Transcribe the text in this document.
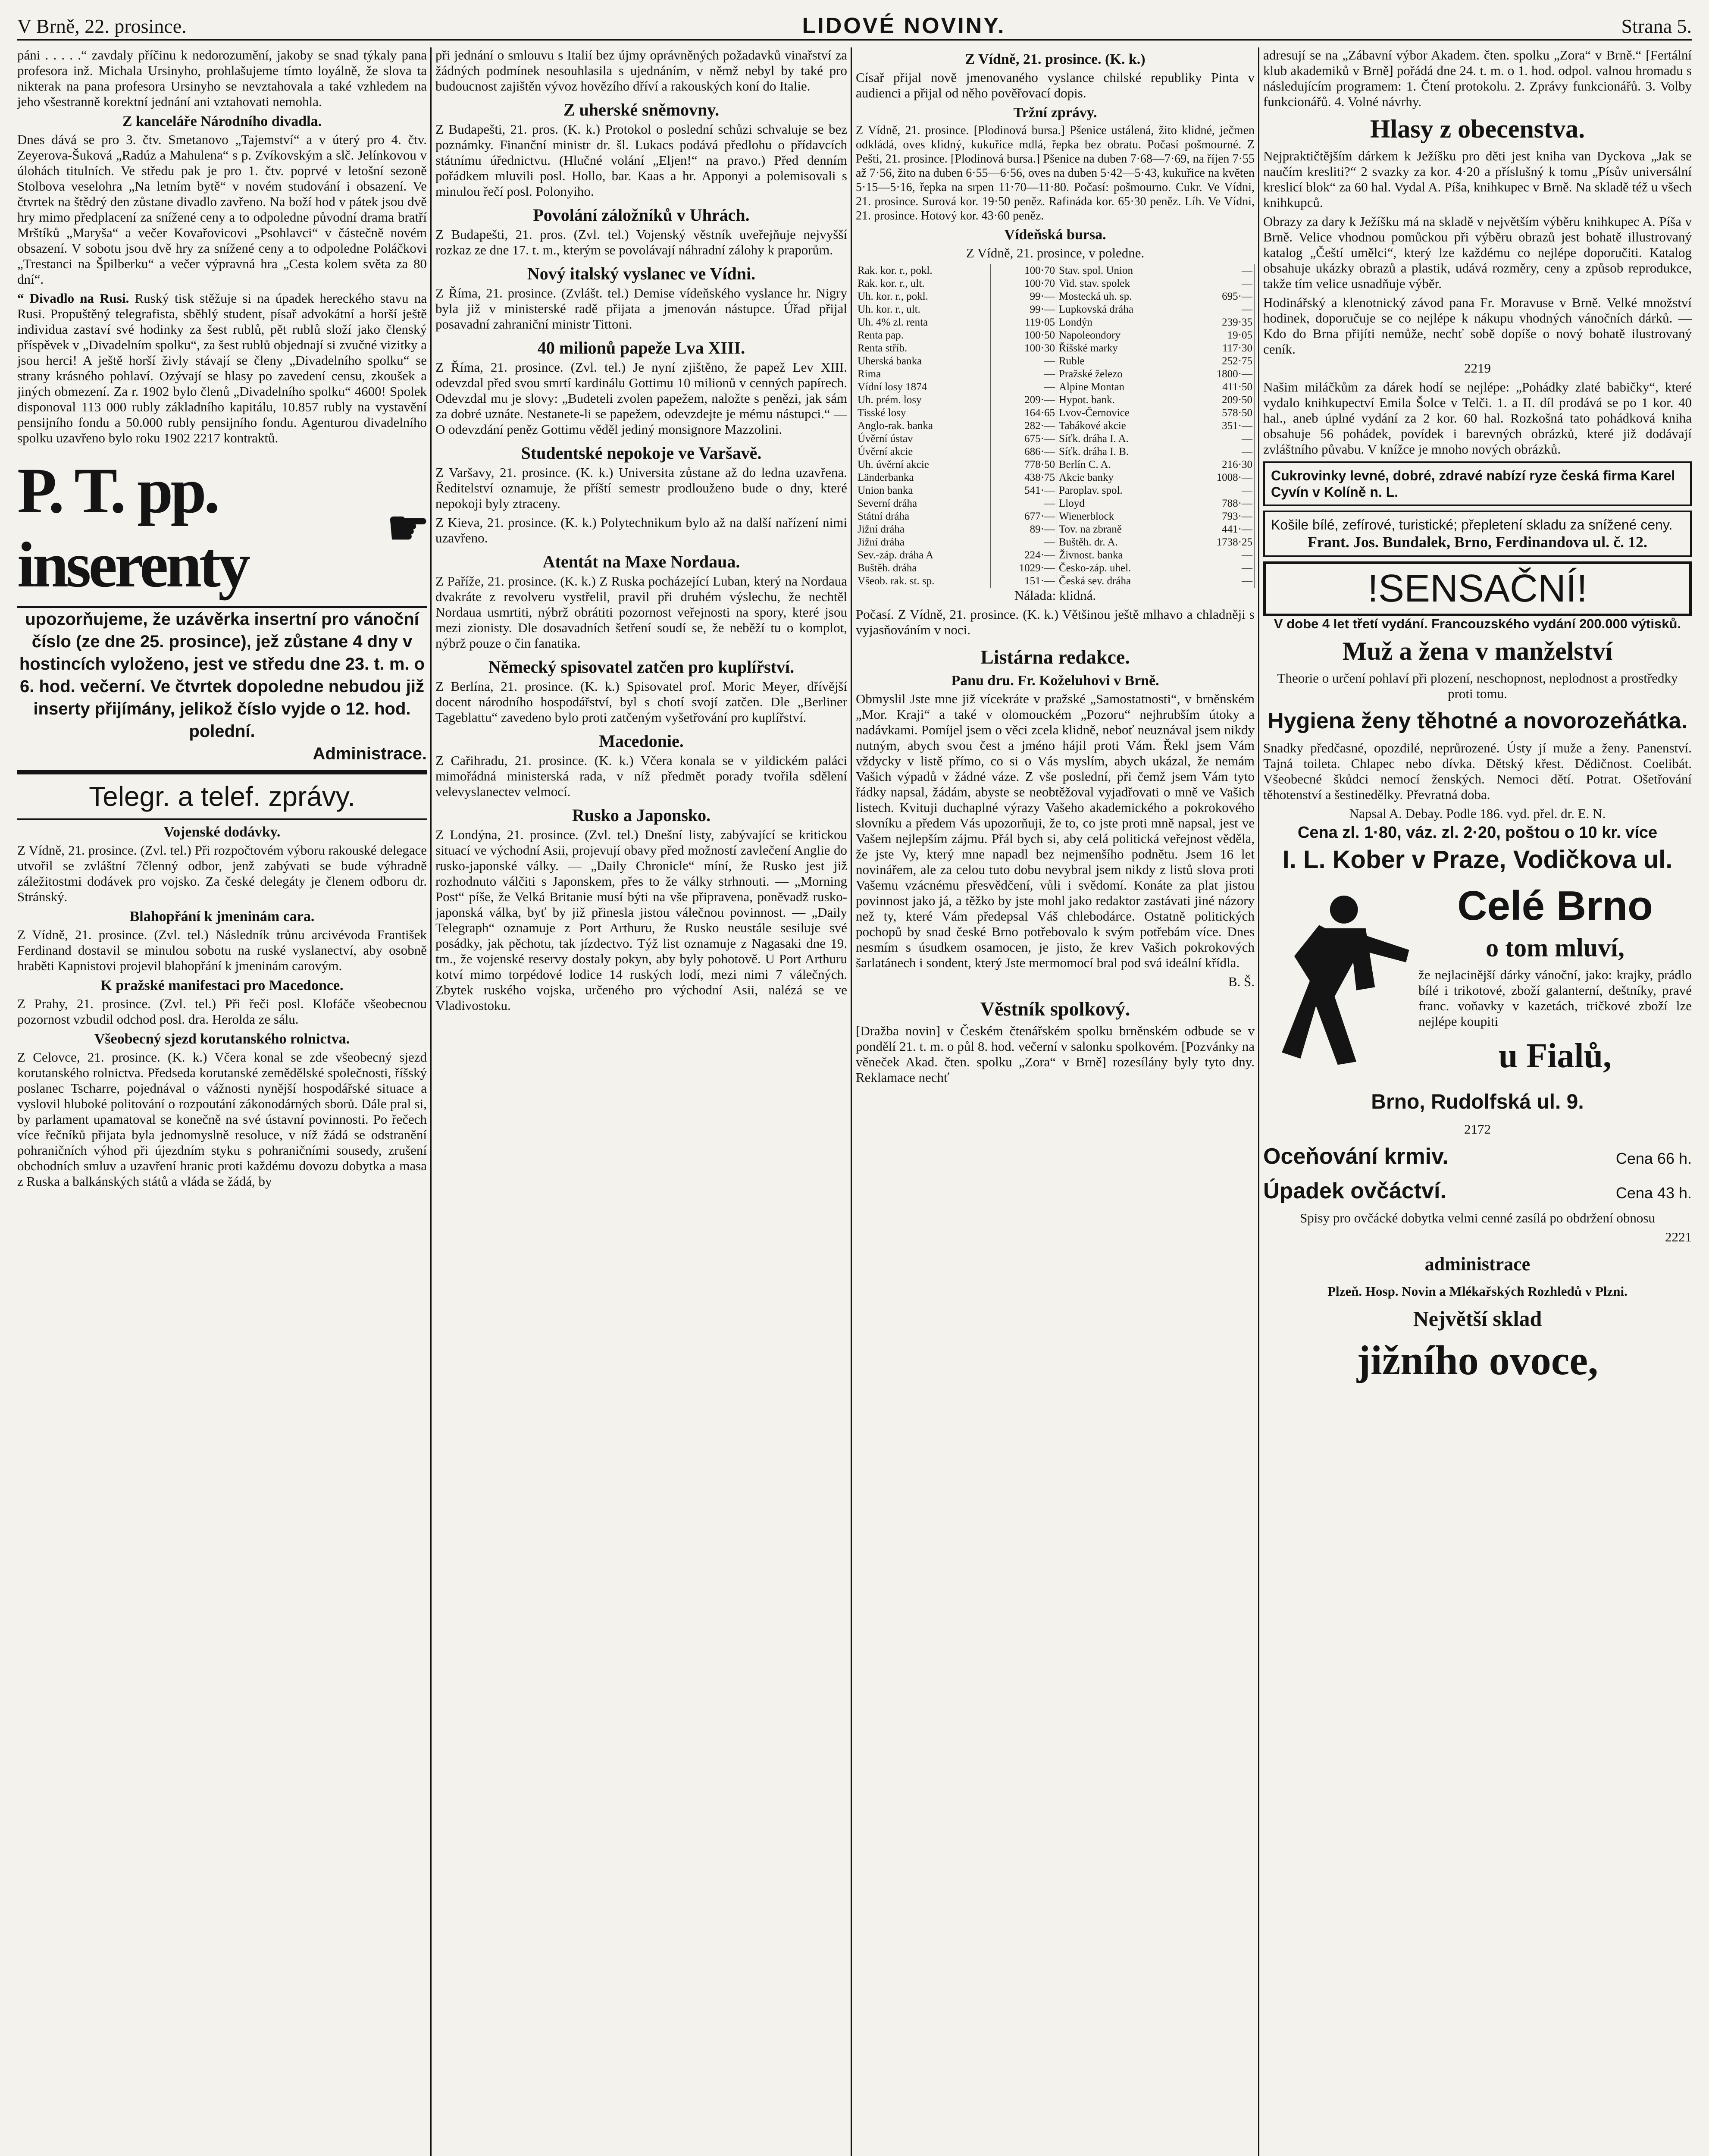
V Brně, 22. prosince.	LIDOVÉ NOVINY.	Strana 5.

páni . . . . .“ zavdaly příčinu k nedorozumění, jakoby se snad týkaly pana profesora inž. Michala Ursinyho, prohlašujeme tímto loyálně, že slova ta nikterak na pana profesora Ursinyho se nevztahovala a také vzhledem na jeho všestranně korektní jednání ani vztahovati nemohla.

Z kanceláře Národního divadla.

Dnes dává se pro 3. čtv. Smetanovo „Tajemství“ a v úterý pro 4. čtv. Zeyerova-Šuková „Radúz a Mahulena“ s p. Zvíkovským a slč. Jelínkovou v úlohách titulních. Ve středu pak je pro 1. čtv. poprvé v letošní sezoně Stolbova veselohra „Na letním bytě“ v novém studování i obsazení. Ve čtvrtek na štědrý den zůstane divadlo zavřeno. Na boží hod v pátek jsou dvě hry mimo předplacení za snížené ceny a to odpoledne původní drama bratří Mrštíků „Maryša“ a večer Kovařovicovi „Psohlavci“ v částečně novém obsazení. V sobotu jsou dvě hry za snížené ceny a to odpoledne Poláčkovi „Trestanci na Špilberku“ a večer výpravná hra „Cesta kolem světa za 80 dní“.

“ Divadlo na Rusi. Ruský tisk stěžuje si na úpadek hereckého stavu na Rusi. Propuštěný telegrafista, sběhlý student, písař advokátní a horší ještě individua zastaví své hodinky za šest rublů, pět rublů složí jako členský příspěvek v „Divadelním spolku“, za šest rublů objednají si zvučné vizitky a jsou herci! A ještě horší živly stávají se členy „Divadelního spolku“ se strany krásného pohlaví. Ozývají se hlasy po zavedení censu, zkoušek a jiných obmezení. Za r. 1902 bylo členů „Divadelního spolku“ 4600! Spolek disponoval 113 000 rubly základního kapitálu, 10.857 rubly na vystavění pensijního fondu a 50.000 rubly pensijního fondu. Agenturou divadelního spolku uzavřeno bylo roku 1902 2217 kontraktů.

P. T. pp. inserenty
☛
upozorňujeme, že uzávěrka insertní pro vánoční číslo (ze dne 25. prosince), jež zůstane 4 dny v hostincích vyloženo, jest ve středu dne 23. t. m. o 6. hod. večerní. Ve čtvrtek dopoledne nebudou již inserty přijímány, jelikož číslo vyjde o 12. hod. polední.
Administrace.
Telegr. a telef. zprávy.
Vojenské dodávky.

Z Vídně, 21. prosince. (Zvl. tel.) Při rozpočtovém výboru rakouské delegace utvořil se zvláštní 7členný odbor, jenž zabývati se bude výhradně záležitostmi dodávek pro vojsko. Za české delegáty je členem odboru dr. Stránský.

Blahopřání k jmeninám cara.

Z Vídně, 21. prosince. (Zvl. tel.) Následník trůnu arcivévoda František Ferdinand dostavil se minulou sobotu na ruské vyslanectví, aby osobně hraběti Kapnistovi projevil blahopřání k jmeninám carovým.

K pražské manifestaci pro Macedonce.

Z Prahy, 21. prosince. (Zvl. tel.) Při řeči posl. Klofáče všeobecnou pozornost vzbudil odchod posl. dra. Herolda ze sálu.

Všeobecný sjezd korutanského rolnictva.

Z Celovce, 21. prosince. (K. k.) Včera konal se zde všeobecný sjezd korutanského rolnictva. Předseda korutanské zemědělské společnosti, říšský poslanec Tscharre, pojednával o vážnosti nynější hospodářské situace a vyslovil hluboké politování o rozpoutání zákonodárných sborů. Dále pral si, by parlament upamatoval se konečně na své ústavní povinnosti. Po řečech více řečníků přijata byla jednomyslně resoluce, v níž žádá se odstranění pohraničních výhod při újezdním styku s pohraničními sousedy, zrušení obchodních smluv a uzavření hranic proti každému dovozu dobytka a masa z Ruska a balkánských států a vláda se žádá, by

při jednání o smlouvu s Italií bez újmy oprávněných požadavků vinařství za žádných podmínek nesouhlasila s ujednáním, v němž nebyl by také pro budoucnost zajištěn vývoz hovězího dříví a rakouských koní do Italie.

Z uherské sněmovny.

Z Budapešti, 21. pros. (K. k.) Protokol o poslední schůzi schvaluje se bez poznámky. Finanční ministr dr. šl. Lukacs podává předlohu o přídavcích státnímu úřednictvu. (Hlučné volání „Eljen!“ na pravo.) Před denním pořádkem mluvili posl. Hollo, bar. Kaas a hr. Apponyi a polemisovali s minulou řečí posl. Polonyiho.

Povolání záložníků v Uhrách.

Z Budapešti, 21. pros. (Zvl. tel.) Vojenský věstník uveřejňuje nejvyšší rozkaz ze dne 17. t. m., kterým se povolávají náhradní zálohy k praporům.

Nový italský vyslanec ve Vídni.

Z Říma, 21. prosince. (Zvlášt. tel.) Demise vídeňského vyslance hr. Nigry byla již v ministerské radě přijata a jmenován nástupce. Úřad přijal posavadní zahraniční ministr Tittoni.

40 milionů papeže Lva XIII.

Z Říma, 21. prosince. (Zvl. tel.) Je nyní zjištěno, že papež Lev XIII. odevzdal před svou smrtí kardinálu Gottimu 10 milionů v cenných papírech. Odevzdal mu je slovy: „Budeteli zvolen papežem, naložte s penězi, jak sám za dobré uznáte. Nestanete-li se papežem, odevzdejte je mému nástupci.“ — O odevzdání peněz Gottimu věděl jediný monsignore Mazzolini.

Studentské nepokoje ve Varšavě.

Z Varšavy, 21. prosince. (K. k.) Universita zůstane až do ledna uzavřena. Ředitelství oznamuje, že příští semestr prodlouženo bude o dny, které nepokoji byly ztraceny.

Z Kieva, 21. prosince. (K. k.) Polytechnikum bylo až na další nařízení nimi uzavřeno.

Atentát na Maxe Nordaua.

Z Paříže, 21. prosince. (K. k.) Z Ruska pocházející Luban, který na Nordaua dvakráte z revolveru vystřelil, pravil při druhém výslechu, že nechtěl Nordaua usmrtiti, nýbrž obrátiti pozornost veřejnosti na spory, které jsou mezi zionisty. Dle dosavadních šetření soudí se, že neběží tu o komplot, nýbrž pouze o čin fanatika.

Německý spisovatel zatčen pro kuplířství.

Z Berlína, 21. prosince. (K. k.) Spisovatel prof. Moric Meyer, dřívější docent národního hospodářství, byl s chotí svojí zatčen. Dle „Berliner Tageblattu“ zavedeno bylo proti zatčeným vyšetřování pro kuplířství.

Macedonie.

Z Cařihradu, 21. prosince. (K. k.) Včera konala se v yildickém paláci mimořádná ministerská rada, v níž předmět porady tvořila sdělení velevyslanectev velmocí.

Rusko a Japonsko.

Z Londýna, 21. prosince. (Zvl. tel.) Dnešní listy, zabývající se kritickou situací ve východní Asii, projevují obavy před možností zavlečení Anglie do rusko-japonské války. — „Daily Chronicle“ míní, že Rusko jest již rozhodnuto válčiti s Japonskem, přes to že války strhnouti. — „Morning Post“ píše, že Velká Britanie musí býti na vše připravena, poněvadž rusko-japonská válka, byť by již přinesla jistou válečnou povinnost. — „Daily Telegraph“ oznamuje z Port Arthuru, že Rusko neustále sesiluje své posádky, jak pěchotu, tak jízdectvo. Týž list oznamuje z Nagasaki dne 19. tm., že vojenské reservy dostaly pokyn, aby byly pohotově. U Port Arthuru kotví mimo torpédové lodice 14 ruských lodí, mezi nimi 7 válečných. Zbytek ruského vojska, určeného pro východní Asii, nalézá se ve Vladivostoku.

Z Vídně, 21. prosince. (K. k.)

Císař přijal nově jmenovaného vyslance chilské republiky Pinta v audienci a přijal od něho pověřovací dopis.

Tržní zprávy.

Z Vídně, 21. prosince. [Plodinová bursa.] Pšenice ustálená, žito klidné, ječmen odkládá, oves klidný, kukuřice mdlá, řepka bez obratu. Počasí pošmourné. Z Pešti, 21. prosince. [Plodinová bursa.] Pšenice na duben 7·68—7·69, na říjen 7·55 až 7·56, žito na duben 6·55—6·56, oves na duben 5·42—5·43, kukuřice na květen 5·15—5·16, řepka na srpen 11·70—11·80. Počasí: pošmourno. Cukr. Ve Vídni, 21. prosince. Surová kor. 19·50 peněz. Rafináda kor. 65·30 peněz. Líh. Ve Vídni, 21. prosince. Hotový kor. 43·60 peněz.

Vídeňská bursa.

Z Vídně, 21. prosince, v poledne.

Rak. kor. r., pokl.	100·70	Stav. spol. Union	—
Rak. kor. r., ult.	100·70	Vid. stav. spolek	—
Uh. kor. r., pokl.	99·—	Mostecká uh. sp.	695·—
Uh. kor. r., ult.	99·—	Lupkovská dráha	—
Uh. 4% zl. renta	119·05	Londýn	239·35
Renta pap.	100·50	Napoleondory	19·05
Renta stříb.	100·30	Říšské marky	117·30
Uherská banka	—	Ruble	252·75
Rima	—	Pražské železo	1800·—
Vídní losy 1874	—	Alpine Montan	411·50
Uh. prém. losy	209·—	Hypot. bank.	209·50
Tisské losy	164·65	Lvov-Černovice	578·50
Anglo-rak. banka	282·—	Tabákové akcie	351·—
Úvěrní ústav	675·—	Síťk. dráha I. A.	—
Úvěrní akcie	686·—	Síťk. dráha I. B.	—
Uh. úvěrní akcie	778·50	Berlín C. A.	216·30
Länderbanka	438·75	Akcie banky	1008·—
Union banka	541·—	Paroplav. spol.	—
Severní dráha	—	Lloyd	788·—
Státní dráha	677·—	Wienerblock	793·—
Jižní dráha	89·—	Tov. na zbraně	441·—
Jižní dráha	—	Buštěh. dr. A.	1738·25
Sev.-záp. dráha A	224·—	Živnost. banka	—
Buštěh. dráha	1029·—	Česko-záp. uhel.	—
Všeob. rak. st. sp.	151·—	Česká sev. dráha	—

Nálada: klidná.

Počasí. Z Vídně, 21. prosince. (K. k.) Většinou ještě mlhavo a chladněji s vyjasňováním v noci.

Listárna redakce.
Panu dru. Fr. Koželuhovi v Brně.

Obmyslil Jste mne již vícekráte v pražské „Samostatnosti“, v brněnském „Mor. Kraji“ a také v olomouckém „Pozoru“ nejhrubším útoky a nadávkami. Pomíjel jsem o věci zcela klidně, neboť neuznával jsem nikdy nutným, abych svou čest a jméno hájil proti Vám. Řekl jsem Vám vždycky v listě přímo, co si o Vás myslím, abych ukázal, že nemám Vašich výpadů v žádné váze. Z vše poslední, při čemž jsem Vám tyto řádky napsal, žádám, abyste se neobtěžoval vyjadřovati o mně ve Vašich listech. Kvituji duchaplné výrazy Vašeho akademického a pokrokového slovníku a předem Vás upozorňuji, že to, co jste proti mně napsal, jest ve Vašem nejlepším zájmu. Přál bych si, aby celá politická veřejnost věděla, že jste Vy, který mne napadl bez nejmenšího podnětu. Jsem 16 let novinářem, ale za celou tuto dobu nevybral jsem nikdy z listů slova proti Vašemu vzácnému přesvědčení, vůli i svědomí. Konáte za plat jistou povinnost jako já, a těžko by jste mohl jako redaktor zastávati jiné názory než ty, které Vám předepsal Váš chlebodárce. Ostatně politických pochopů by snad české Brno potřebovalo k svým potřebám více. Dnes nesmím s úsudkem osamocen, je jisto, že krev Vašich pokrokových šarlatánech i sondent, který Jste mermomocí bral pod svá ideální křídla.

B. Š.

Věstník spolkový.

[Dražba novin] v Českém čtenářském spolku brněnském odbude se v pondělí 21. t. m. o půl 8. hod. večerní v salonku spolkovém. [Pozvánky na věneček Akad. čten. spolku „Zora“ v Brně] rozesílány byly tyto dny. Reklamace nechť

adresují se na „Zábavní výbor Akadem. čten. spolku „Zora“ v Brně.“ [Fertální klub akademiků v Brně] pořádá dne 24. t. m. o 1. hod. odpol. valnou hromadu s následujícím programem: 1. Čtení protokolu. 2. Zprávy funkcionářů. 3. Volby funkcionářů. 4. Volné návrhy.

Hlasy z obecenstva.

Nejpraktičtějším dárkem k Ježíšku pro děti jest kniha van Dyckova „Jak se naučím kresliti?“ 2 svazky za kor. 4·20 a příslušný k tomu „Písův universální kreslicí blok“ za 60 hal. Vydal A. Píša, knihkupec v Brně. Na skladě též u všech knihkupců.

Obrazy za dary k Ježíšku má na skladě v největším výběru knihkupec A. Píša v Brně. Velice vhodnou pomůckou při výběru obrazů jest bohatě illustrovaný katalog „Čeští umělci“, který lze každému co nejlépe doporučiti. Katalog obsahuje ukázky obrazů a plastik, udává rozměry, ceny a způsob reprodukce, takže tím velice usnadňuje výběr.

Hodinářský a klenotnický závod pana Fr. Moravuse v Brně. Velké množství hodinek, doporučuje se co nejlépe k nákupu vhodných vánočních dárků. — Kdo do Brna přijíti nemůže, nechť sobě dopíše o nový bohatě ilustrovaný ceník.

2219

Našim miláčkům za dárek hodí se nejlépe: „Pohádky zlaté babičky“, které vydalo knihkupectví Emila Šolce v Telči. 1. a II. díl prodává se po 1 kor. 40 hal., aneb úplné vydání za 2 kor. 60 hal. Rozkošná tato pohádková kniha obsahuje 56 pohádek, povídek i barevných obrázků, které již dodávají zvláštního půvabu. V knížce je mnoho nových obrázků.

Cukrovinky levné, dobré, zdravé nabízí ryze česká firma Karel Cyvín v Kolíně n. L.
Košile bílé, zefírové, turistické; přepletení skladu za snížené ceny.
Frant. Jos. Bundalek, Brno, Ferdinandova ul. č. 12.
!SENSAČNÍ!

V dobe 4 let třetí vydání. Francouzského vydání 200.000 výtisků.

Muž a žena v manželství

Theorie o určení pohlaví při plození, neschopnost, neplodnost a prostředky proti tomu.

Hygiena ženy těhotné a novorozeňátka.

Snadky předčasné, opozdilé, neprůrozené. Ústy jí muže a ženy. Panenství. Tajná toileta. Chlapec nebo dívka. Dětský křest. Dědičnost. Coelibát. Všeobecné škůdci nemocí ženských. Nemoci dětí. Potrat. Ošetřování těhotenství a šestinedělky. Převratná doba.

Napsal A. Debay. Podle 186. vyd. přel. dr. E. N.

Cena zl. 1·80, váz. zl. 2·20, poštou o 10 kr. více

I. L. Kober v Praze, Vodičkova ul.
Celé Brno
o tom mluví,

že nejlacinější dárky vánoční, jako: krajky, prádlo bílé i trikotové, zboží galanterní, deštníky, pravé franc. voňavky v kazetách, tričkové zboží lze nejlépe koupiti

u Fialů,
Brno, Rudolfská ul. 9.

2172

Oceňování krmiv.	Cena 66 h.
Úpadek ovčáctví.	Cena 43 h.

Spisy pro ovčácké dobytka velmi cenné zasílá po obdržení obnosu

2221

administrace

Plzeň. Hosp. Novin a Mlékařských Rozhledů v Plzni.

Největší sklad
jižního ovoce,
